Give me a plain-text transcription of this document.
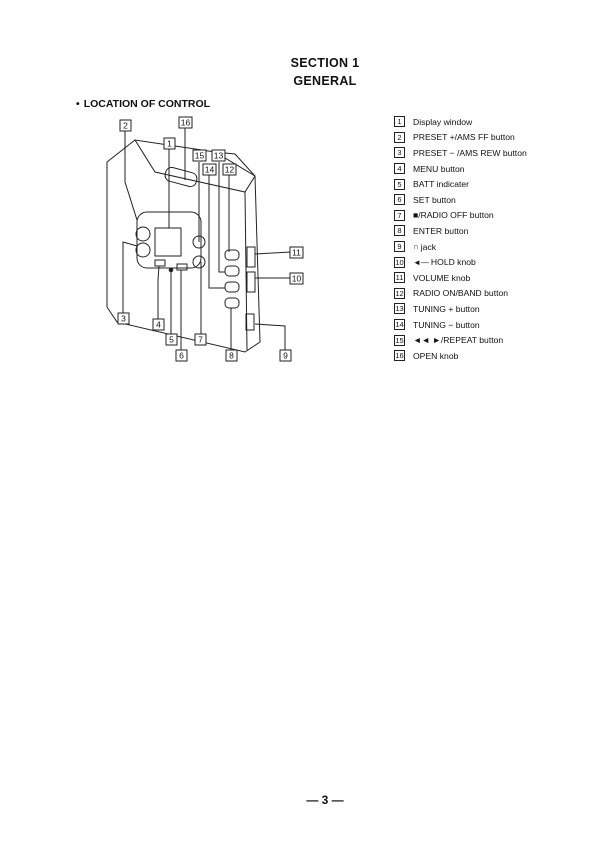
SECTION 1
GENERAL
• LOCATION OF CONTROL
2	16
1
15 13
14 12
11
10
3
4
5	7
6	8	9
1	Display window
2	PRESET +/AMS FF button
3	PRESET − /AMS REW button
4	MENU button
5	BATT indicater
6	SET button
7	■/RADIO OFF button
8	ENTER button
9	∩ jack
10 ◄— HOLD knob
11 VOLUME knob
12 RADIO ON/BAND button
13 TUNING + button
14 TUNING − button
15 ◄◄ ►/REPEAT button
16 OPEN knob
— 3 —
